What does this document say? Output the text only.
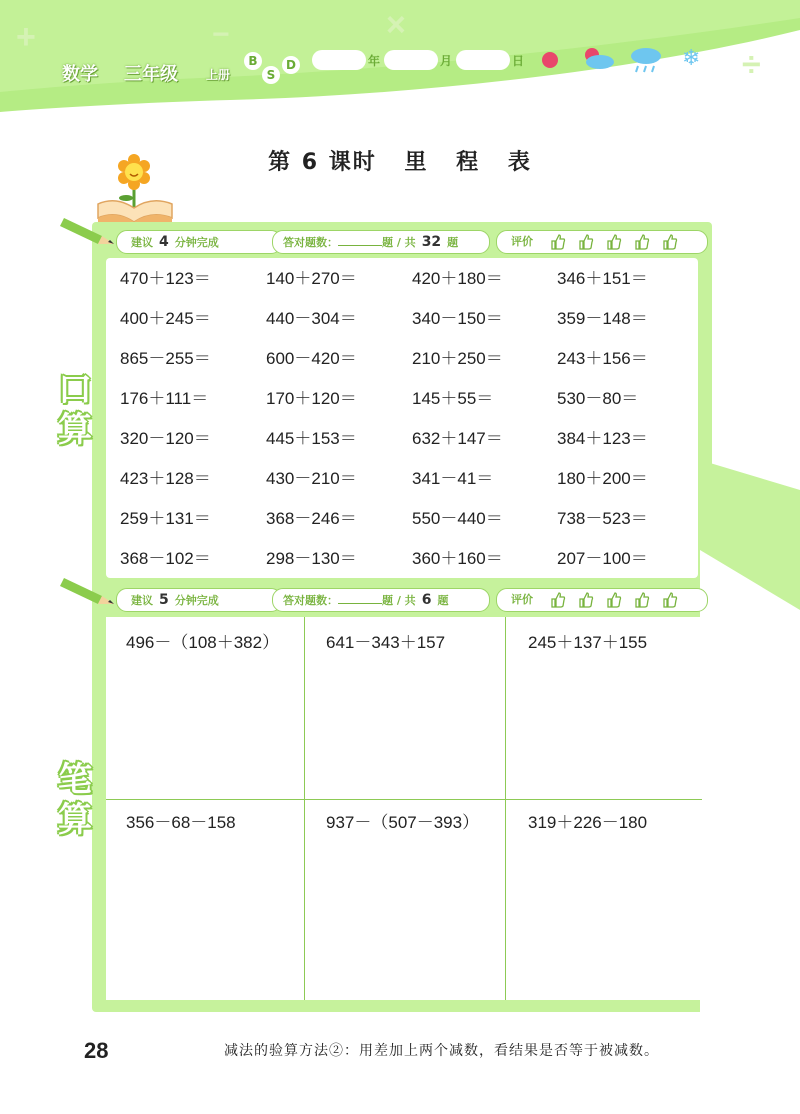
+	−	×
÷
数学 三年级 上册
B
S
D	年	月	日	❄
第 6 课时 里 程 表
+
÷
建议 4 分钟完成	答对题数：	题 / 共 32 题	评价
口
算
470＋123＝	140＋270＝	420＋180＝	346＋151＝
400＋245＝	440－304＝	340－150＝	359－148＝
865－255＝	600－420＝	210＋250＝	243＋156＝
176＋111＝	170＋120＝	145＋55＝	530－80＝
320－120＝	445＋153＝	632＋147＝	384＋123＝
423＋128＝	430－210＝	341－41＝	180＋200＝
259＋131＝	368－246＝	550－440＝	738－523＝
368－102＝	298－130＝	360＋160＝	207－100＝
建议 5 分钟完成	答对题数：	题 / 共 6 题	评价
笔
算
496－（108＋382）	641－343＋157	245＋137＋155
356－68－158	937－（507－393）	319＋226－180
28	减法的验算方法②：用差加上两个减数，看结果是否等于被减数。
